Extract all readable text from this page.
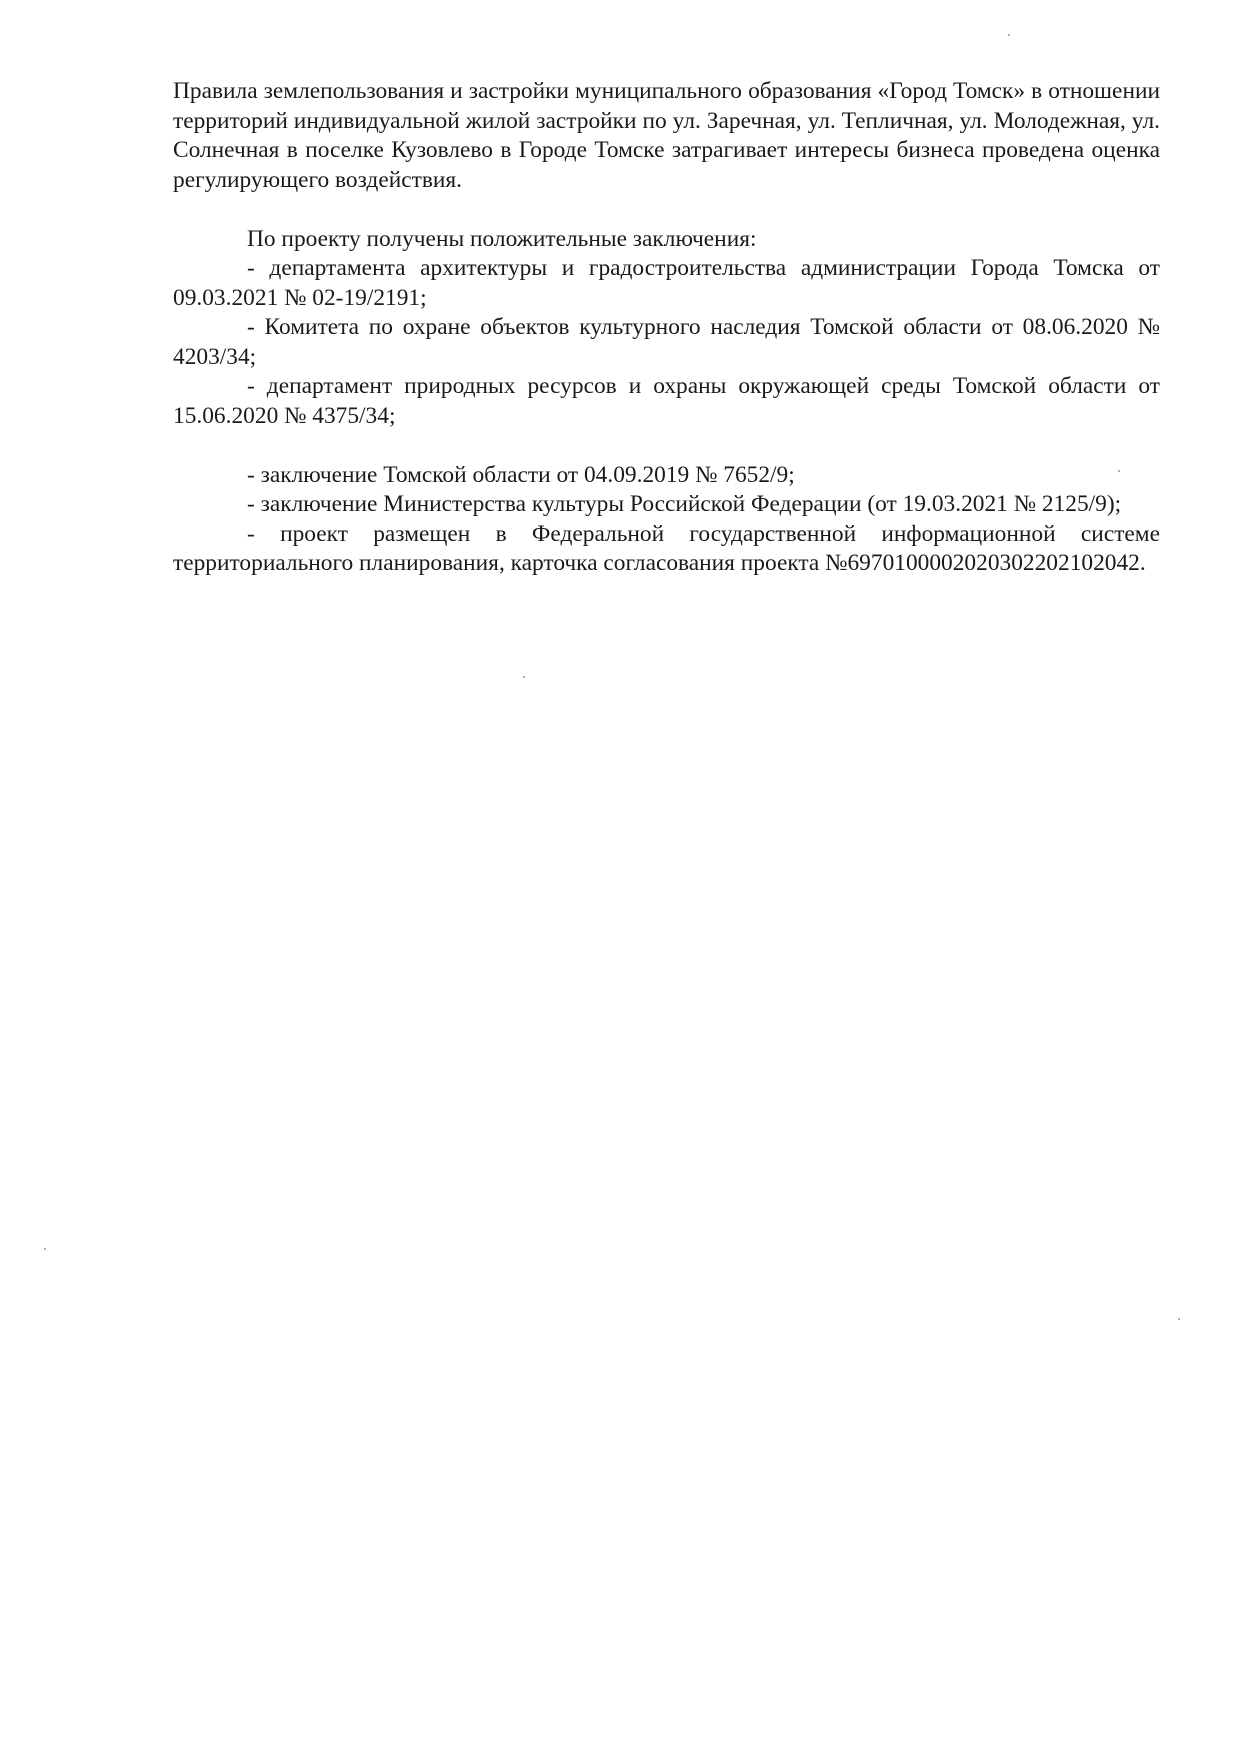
Правила землепользования и застройки муниципального образования «Город Томск» в отношении территорий индивидуальной жилой застройки по ул. Заречная, ул. Тепличная, ул. Молодежная, ул. Солнечная в поселке Кузовлево в Городе Томске затрагивает интересы бизнеса проведена оценка регулирующего воздействия.

По проекту получены положительные заключения:

- департамента архитектуры и градостроительства администрации Города Томска от 09.03.2021 № 02-19/2191;

- Комитета по охране объектов культурного наследия Томской области от 08.06.2020 № 4203/34;

- департамент природных ресурсов и охраны окружающей среды Томской области от 15.06.2020 № 4375/34;

- заключение Томской области от 04.09.2019 № 7652/9;

- заключение Министерства культуры Российской Федерации (от 19.03.2021 № 2125/9);

- проект размещен в Федеральной государственной информационной системе территориального планирования, карточка согласования проекта №6970100002020302202102042.
